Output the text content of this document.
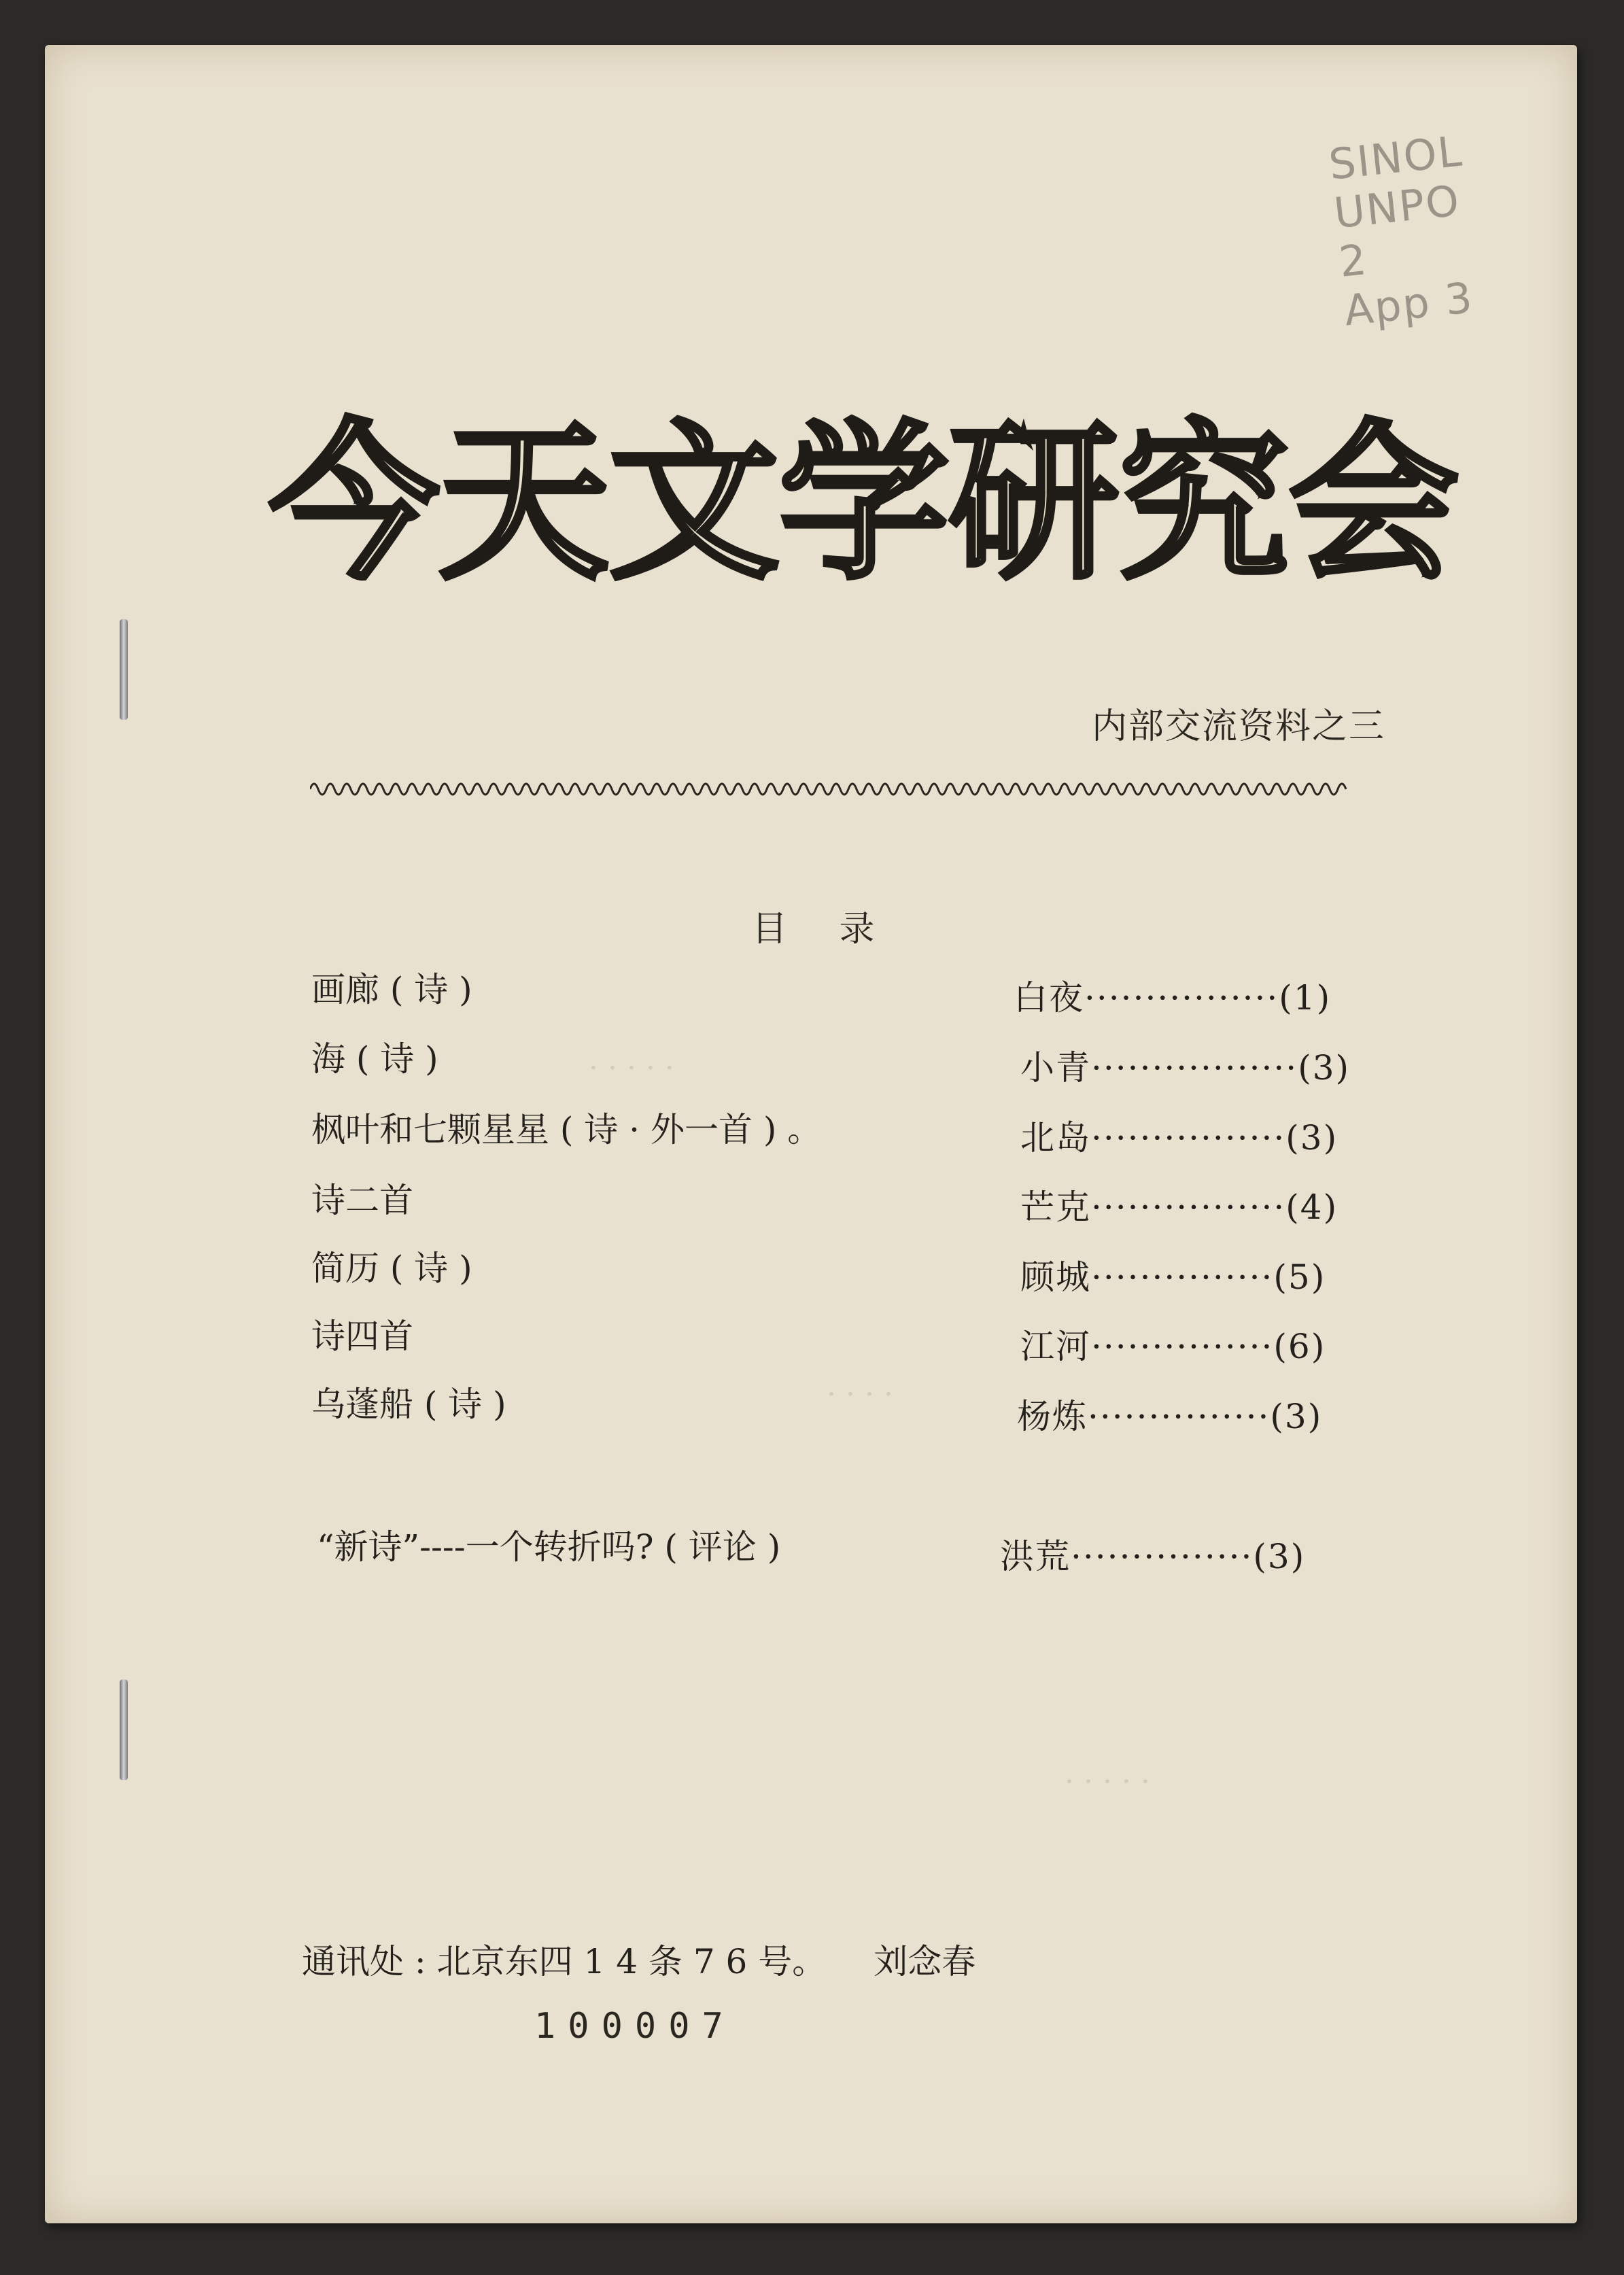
SINOL
UNPO
2
App 3
· · · · ·
· · · ·
· · · · ·
今 天 文 学 研 究 会
内部交流资料之三
目 录
画廊 ( 诗 )	白夜················(1)
海 ( 诗 )	小青·················(3)
枫叶和七颗星星 ( 诗 · 外一首 ) 。	北岛················(3)
诗二首	芒克················(4)
简历 ( 诗 )	顾城···············(5)
诗四首	江河···············(6)
乌蓬船 ( 诗 )	杨炼···············(3)
“新诗”----一个转折吗? ( 评论 )	洪荒···············(3)
通讯处 : 北京东四 1 4 条 7 6 号。 刘念春
100007
